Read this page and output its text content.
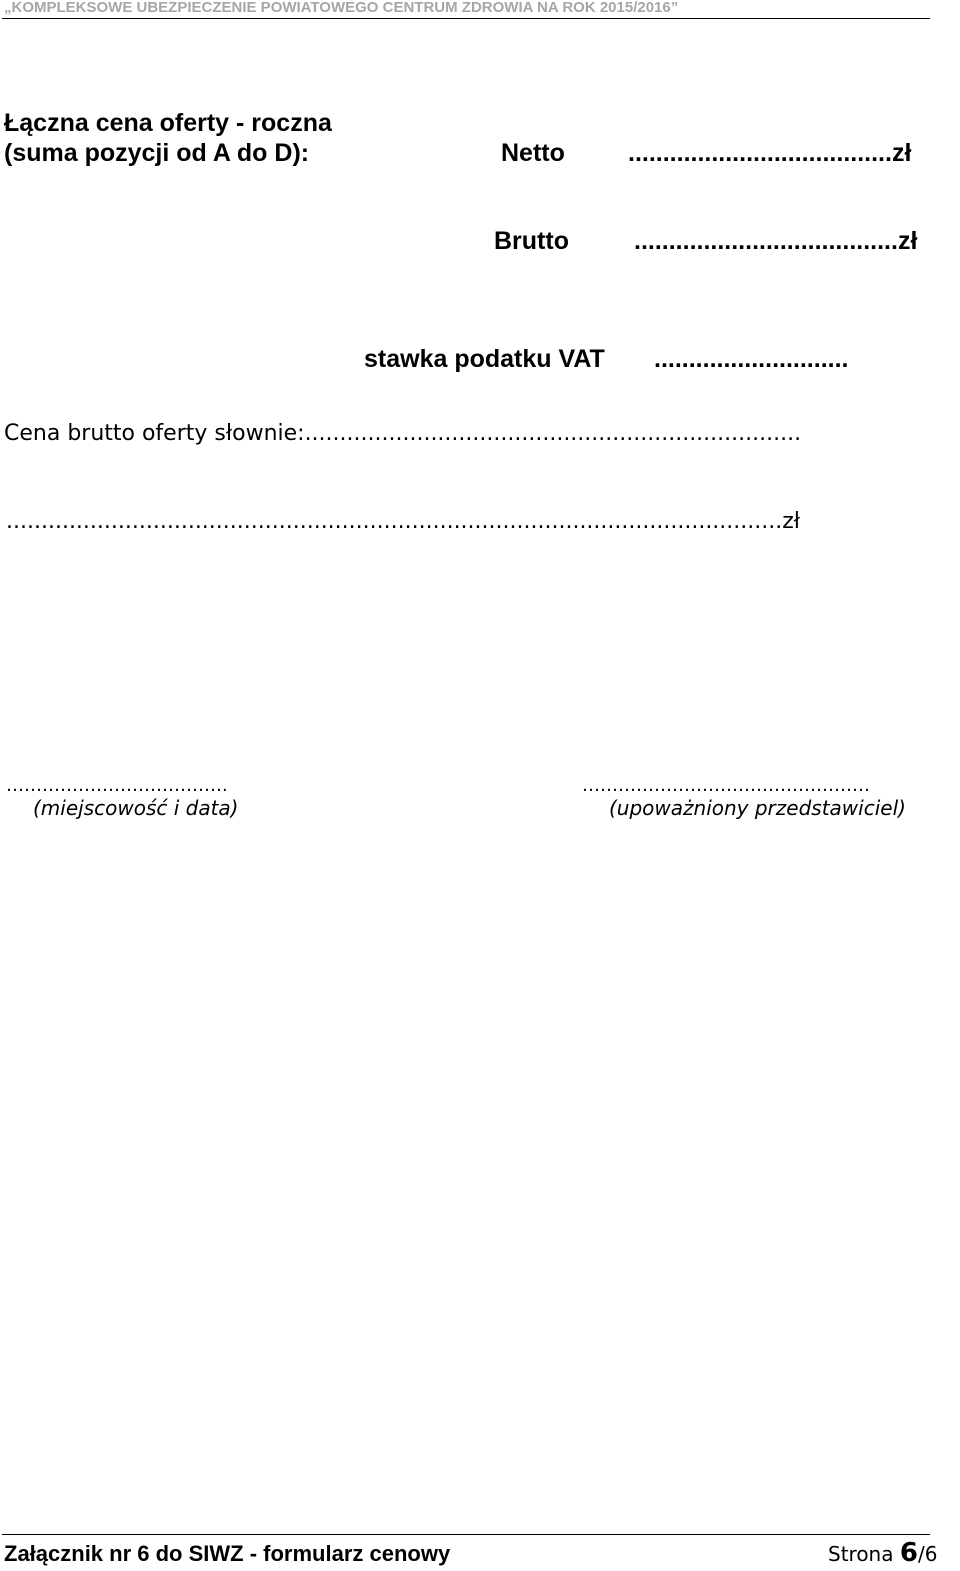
„KOMPLEKSOWE UBEZPIECZENIE POWIATOWEGO CENTRUM ZDROWIA NA ROK 2015/2016”
Łączna cena oferty - roczna
(suma pozycji od A do D):	Netto	......................................zł
Brutto	......................................zł
stawka podatku VAT ............................
Cena brutto oferty słownie:.......................................................................
...............................................................................................................zł
……………………………….
(miejscowość i data)
…………………………………………
(upoważniony przedstawiciel)
Załącznik nr 6 do SIWZ - formularz cenowy	Strona 6/6
